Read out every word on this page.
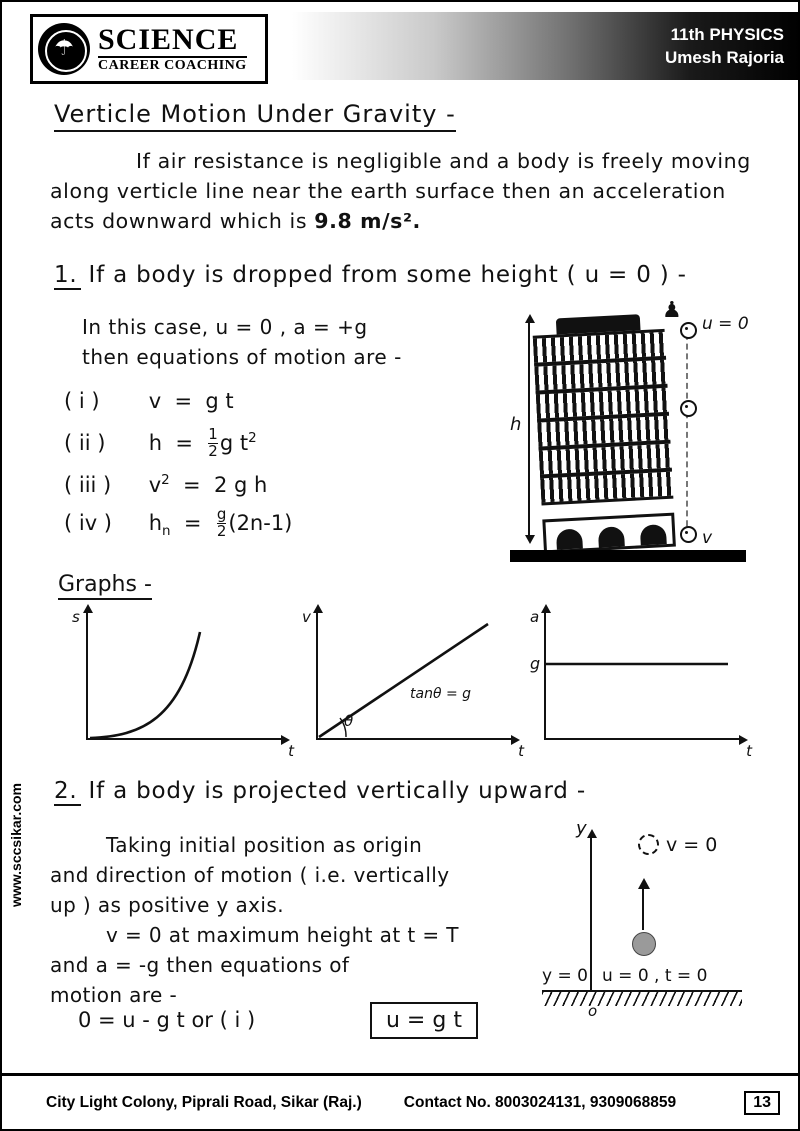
☂ SCIENCE
CAREER COACHING
11th PHYSICS
Umesh Rajoria
www.sccsikar.com
Verticle Motion Under Gravity -
If air resistance is negligible and a body is freely moving along verticle line near the earth surface then an acceleration acts downward which is 9.8 m/s².
1. If a body is dropped from some height ( u = 0 ) -
In this case, u = 0 , a = +g
then equations of motion are -
( i ) v  =  g t
( ii ) $h = \frac{1}{2}$ g $t^2$
( iii ) $v^2 = 2$ g h
( iv ) $h_n = \frac{g}{2} (2n-1)$
h
♟
u = 0
v
Graphs -
s
t
v
t
tanθ = g
θ
a
t
g
2. If a body is projected vertically upward -
Taking initial position as origin
and direction of motion ( i.e. vertically
up ) as positive y axis.
v = 0 at maximum height at t = T
and a = -g then equations of
motion are -
0 = u - g t or ( i )	u = g t
y
v = 0
y = 0 u = 0 , t = 0
o
City Light Colony, Piprali Road, Sikar (Raj.)	Contact No. 8003024131, 9309068859	13
